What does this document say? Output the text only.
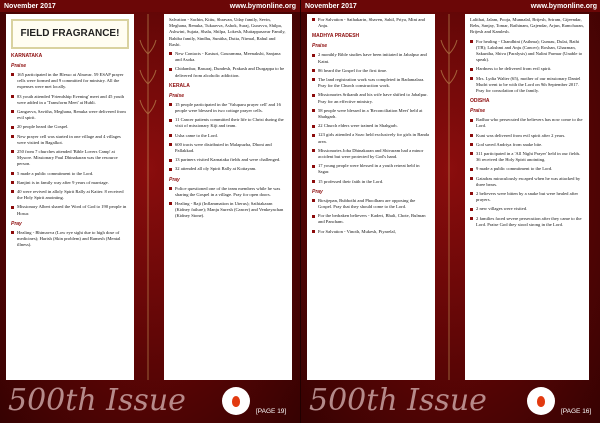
November 2017	www.bymonline.org
FIELD FRAGRANCE!
KARNATAKA
Praise
165 participated in the Blesso at Alnavar. 59 ESAP prayer cells were formed and 9 committed for ministry. All the expenses were met locally.
83 youth attended 'Friendship Evening' meet and 45 youth were added in a 'Transform Meet' at Hubli.
Gangavva, Savitha, Meghana, Renuka were delivered from evil spirit.
20 people heard the Gospel.
New prayer cell was started in one village and 4 villages were visited in Bagalkot.
250 from 7 churches attended 'Bible Lovers Camp' at Mysore. Missionary Paul Dhinakaran was the resource person.
5 made a public commitment to the Lord.
Ranjini is in family way after 9 years of marriage.
40 were revived in alloly Spirit Rally at Kaiter. 8 received the Holy Spirit anointing.
Missionary Albert shared the Word of God to 190 people in Hosur.
Pray
Healing - Bhimavva (Low eye sight due to high dose of medicines); Harish (Skin problem) and Ramesh (Mental illness).

Salvation - Sachin, Kittu, Shravan, Uday family, Sevin, Meghana, Renuka, Tukaavva, Ashok, Suraj, Guravva, Shilpa, Ashwini, Sujata, Shalu, Shilpa, Lokesh, Muttappasavar Family, Bahiba family, Sindhu, Sunitha, Dutta, Nirmal, Rahul and Rashi.

New Contacts - Kasturi, Gouramma, Meenakshi, Sanjana and Asoka.
Chidambar, Basuraj, Dundesh, Prakash and Durgappa to be delivered from alcoholic addiction.
KERALA
Praise
15 people participated in the 'Valuparu prayer cell' and 16 people were blessed in two cottage prayer cells.
11 Cancer patients committed their life to Christ during the visit of missionary Kiji and team.
Usha came to the Lord.
600 tracts were distributed in Malapuzha, Dhoni and Pallakkad.
13 partners visited Karnataka fields and were challenged.
32 attended all oly Spirit Rally at Kottayam.
Pray
Police questioned one of the team members while he was sharing the Gospel in a village. Pray for open doors.
Healing - Raji (Inflammation in Uterus); Sathiakaran (Kidney failure); Manju Suresh (Cancer) and Venkeyachan (Kidney Stone).
500th Issue	[PAGE 19]
November 2017	www.bymonline.org
For Salvation - Sathakarin, Shaven, Sahil, Priya, Mini and Anju.
MADHYA PRADESH
Praise
2 monthly Bible studies have been initiated in Jabalpur and Katni.
86 heard the Gospel for the first time.
The land registration work was completed in Badamalara. Pray for the Church construction work.
Missionaries Srikanth and his wife have shifted to Jabalpur. Pray for an effective ministry.
58 people were blessed in a 'Reconciliation Meet' held at Shahgarh.
22 Church elders were trained in Shahgarh.
123 girls attended a Sozo held exclusively for girls in Banda area.
Missionaries Joba Dhinakaran and Shivaram had a minor accident but were protected by God's hand.
17 young people were blessed in a youth retreat held in Sagar.
15 professed their faith in the Lord.
Pray
Birsijepan, Bubbothi and Phoolham are opposing the Gospel. Pray that they should come to the Lord.
For the bedraken believers - Kaderi, Bhali, Chote, Bulman and Pancham.
For Salvation - Vinoth, Mukesh, Piyarelal,

Lalithai, Jalam, Pooja, Munnalal, Brijesh, Sriram, Gijeendar, Rebs, Sanjay, Tomar, Rathinam, Gajendar, Arjun, Ramcharan, Brijesh and Kamlesh.

For healing - Chandhini (Asthma); Gumau, Dulai, Bathi (TB); Lakshmi and Anju (Cancer); Roshan, Ghazman, Sakuntha, Shiva (Paralysis) and Nalini Parmar (Unable to speak).
Hardness to be delivered from evil spirit.
Mrs. Lydia Walter (65), mother of our missionary Daniel Mudri went to be with the Lord on 9th September 2017. Pray for consolation of the family.
ODISHA
Praise
Radhar who persecuted the believers has now come to the Lord.
Kuni was delivered from evil spirit after 2 years.
God saved Andriya from snake bite.
311 participated in a 'All Night Prayer' held in our fields. 36 received the Holy Spirit anointing.
9 made a public commitment to the Lord.
Gatadras miraculously escaped when he was attacked by three bears.
2 believers were bitten by a snake but were healed after prayers.
2 new villages were visited.
2 families faced severe persecution after they came to the Lord. Praise God they stood strong in the Lord.
500th Issue	[PAGE 16]
